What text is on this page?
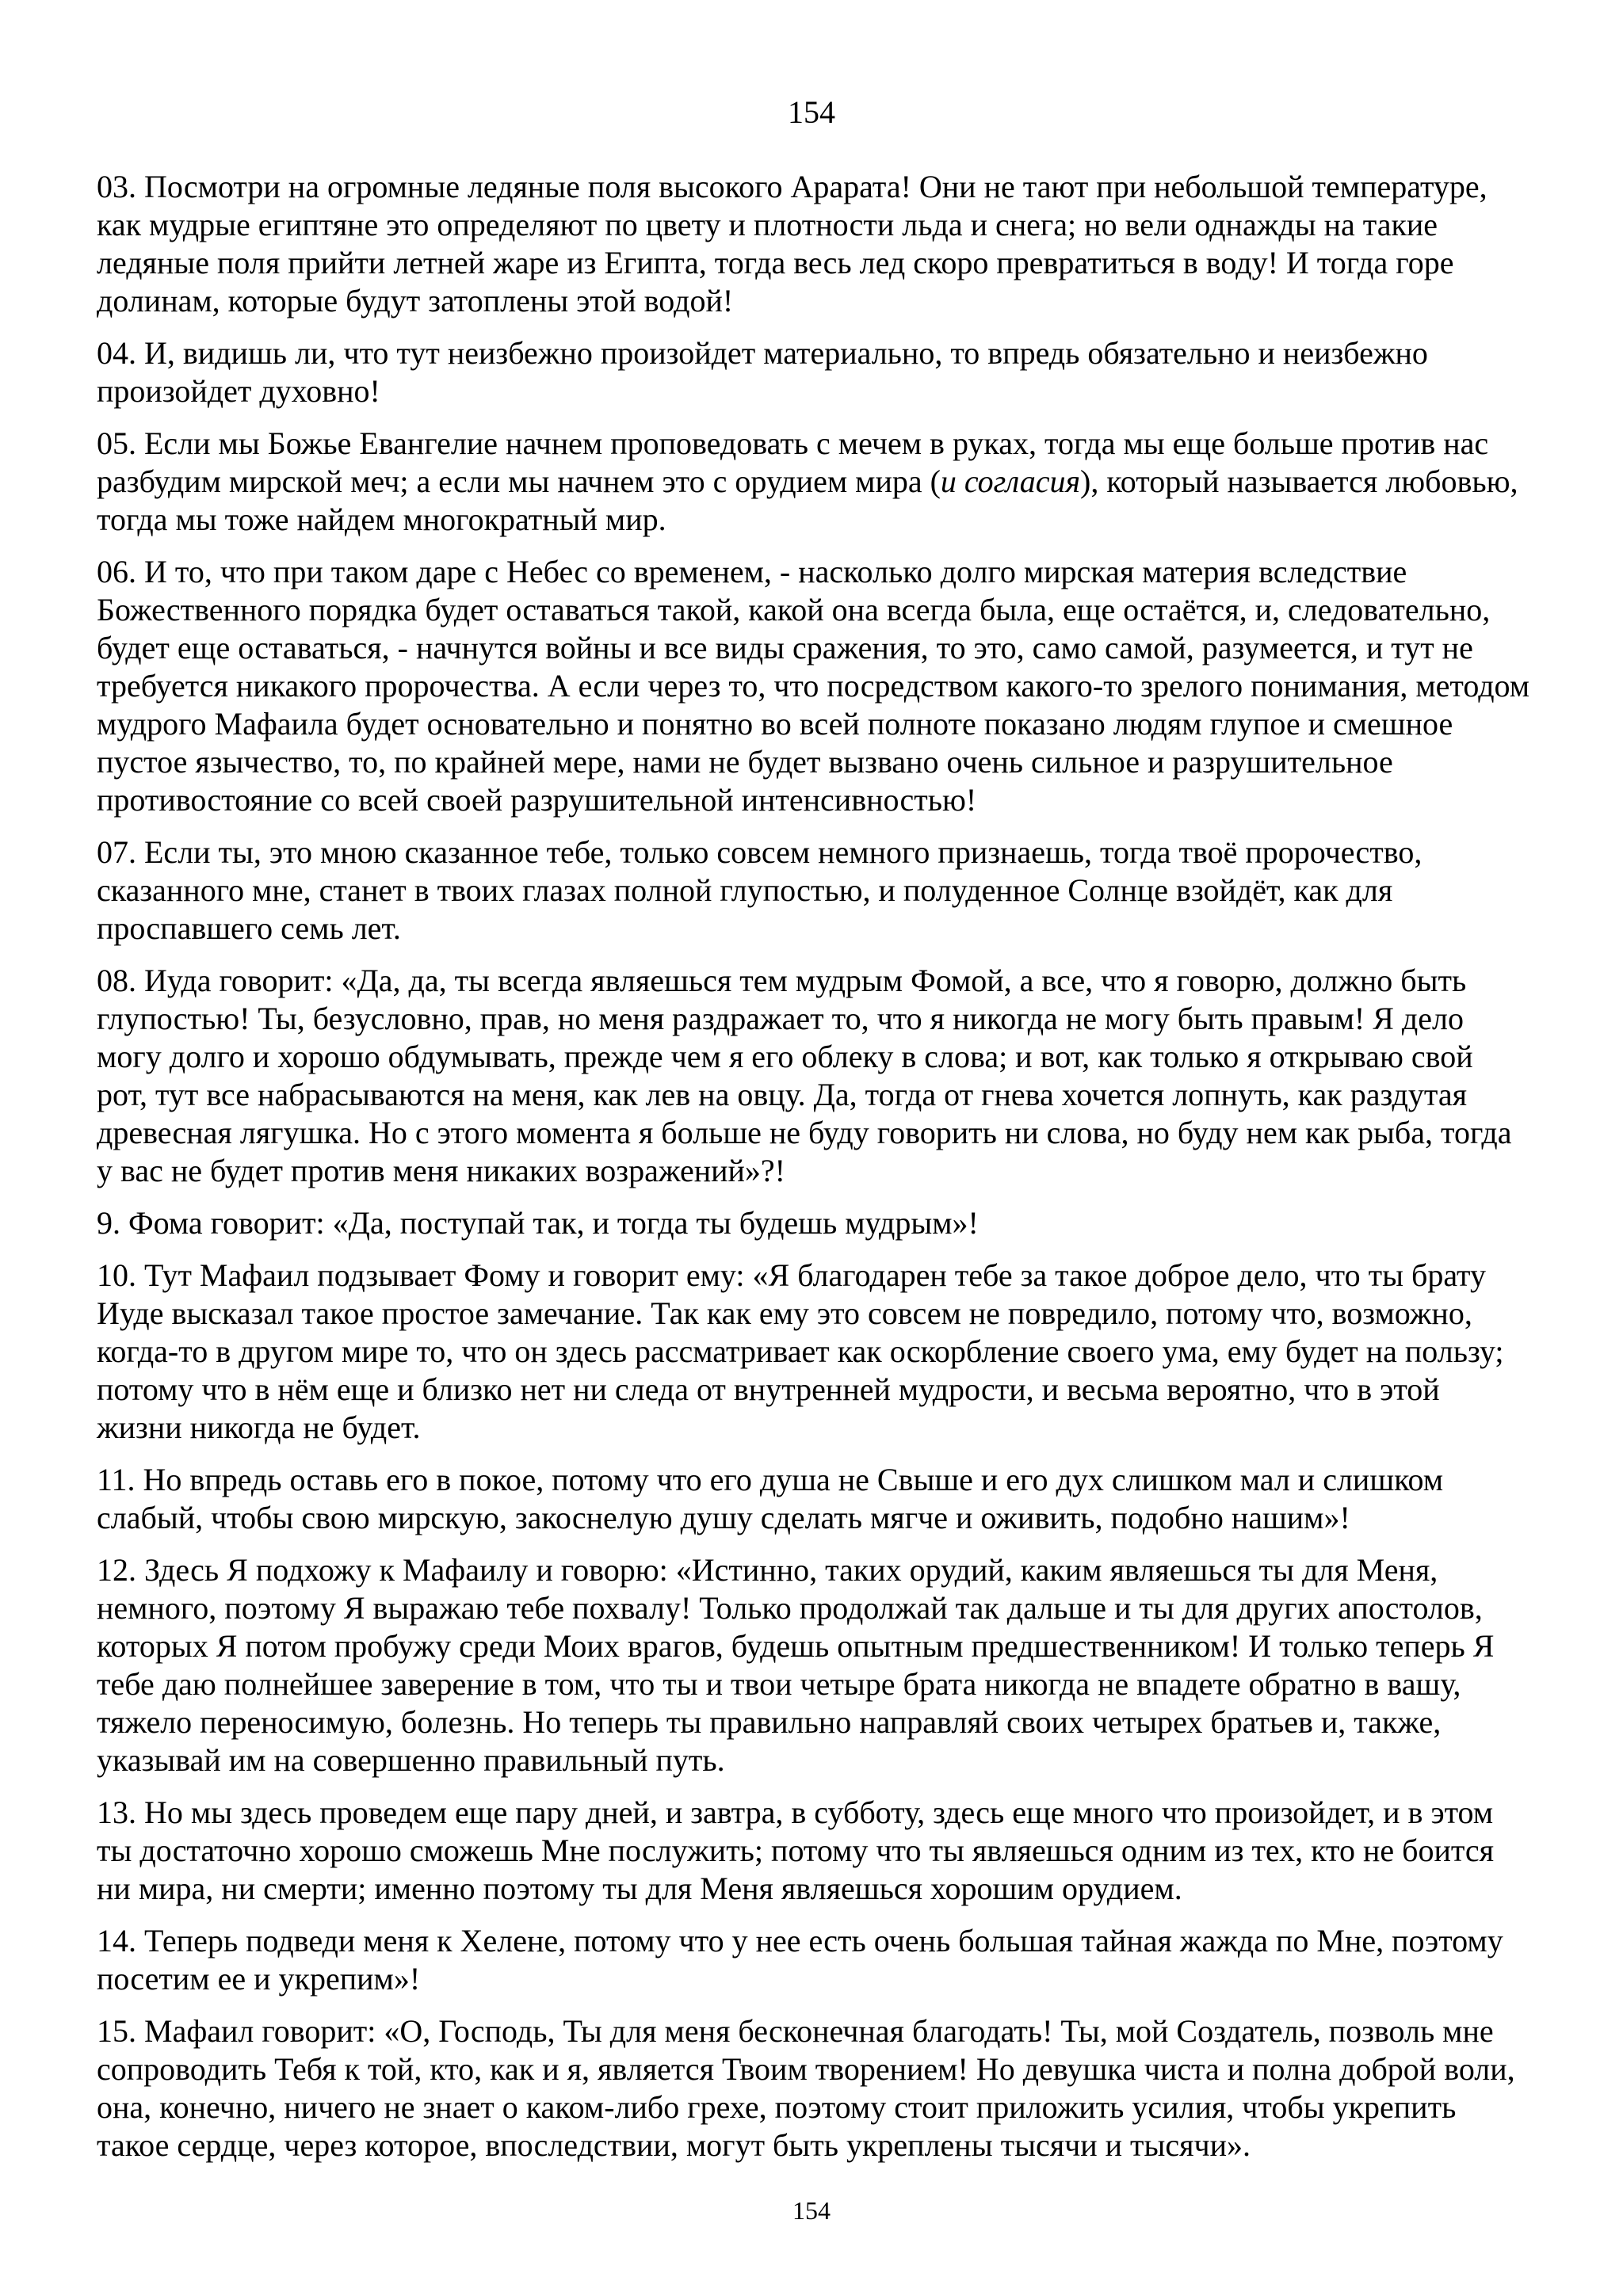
154

03. Посмотри на огромные ледяные поля высокого Арарата! Они не тают при небольшой температуре, как мудрые египтяне это определяют по цвету и плотности льда и снега; но вели однажды на такие ледяные поля прийти летней жаре из Египта, тогда весь лед скоро превратиться в воду! И тогда горе долинам, которые будут затоплены этой водой!

04. И, видишь ли, что тут неизбежно произойдет материально, то впредь обязательно и неизбежно произойдет духовно!

05. Если мы Божье Евангелие начнем проповедовать с мечем в руках, тогда мы еще больше против нас разбудим мирской меч; а если мы начнем это с орудием мира (и согласия), который называется любовью, тогда мы тоже найдем многократный мир.

06. И то, что при таком даре с Небес со временем, - насколько долго мирская материя вследствие Божественного порядка будет оставаться такой, какой она всегда была, еще остаётся, и, следовательно, будет еще оставаться, - начнутся войны и все виды сражения, то это, само самой, разумеется, и тут не требуется никакого пророчества. А если через то, что посредством какого-то зрелого понимания, методом мудрого Мафаила будет основательно и понятно во всей полноте показано людям глупое и смешное пустое язычество, то, по крайней мере, нами не будет вызвано очень сильное и разрушительное противостояние со всей своей разрушительной интенсивностью!

07. Если ты, это мною сказанное тебе, только совсем немного признаешь, тогда твоё пророчество, сказанного мне, станет в твоих глазах полной глупостью, и полуденное Солнце взойдёт, как для проспавшего семь лет.

08. Иуда говорит: «Да, да, ты всегда являешься тем мудрым Фомой, а все, что я говорю, должно быть глупостью! Ты, безусловно, прав, но меня раздражает то, что я никогда не могу быть правым! Я дело могу долго и хорошо обдумывать, прежде чем я его облеку в слова; и вот, как только я открываю свой рот, тут все набрасываются на меня, как лев на овцу. Да, тогда от гнева хочется лопнуть, как раздутая древесная лягушка. Но с этого момента я больше не буду говорить ни слова, но буду нем как рыба, тогда у вас не будет против меня никаких возражений»?!

9. Фома говорит: «Да, поступай так, и тогда ты будешь мудрым»!

10. Тут Мафаил подзывает Фому и говорит ему: «Я благодарен тебе за такое доброе дело, что ты брату Иуде высказал такое простое замечание. Так как ему это совсем не повредило, потому что, возможно, когда-то в другом мире то, что он здесь рассматривает как оскорбление своего ума, ему будет на пользу; потому что в нём еще и близко нет ни следа от внутренней мудрости, и весьма вероятно, что в этой жизни никогда не будет.

11. Но впредь оставь его в покое, потому что его душа не Свыше и его дух слишком мал и слишком слабый, чтобы свою мирскую, закоснелую душу сделать мягче и оживить, подобно нашим»!

12. Здесь Я подхожу к Мафаилу и говорю: «Истинно, таких орудий, каким являешься ты для Меня, немного, поэтому Я выражаю тебе похвалу! Только продолжай так дальше и ты для других апостолов, которых Я потом пробужу среди Моих врагов, будешь опытным предшественником! И только теперь Я тебе даю полнейшее заверение в том, что ты и твои четыре брата никогда не впадете обратно в вашу, тяжело переносимую, болезнь. Но теперь ты правильно направляй своих четырех братьев и, также, указывай им на совершенно правильный путь.

13. Но мы здесь проведем еще пару дней, и завтра, в субботу, здесь еще много что произойдет, и в этом ты достаточно хорошо сможешь Мне послужить; потому что ты являешься одним из тех, кто не боится ни мира, ни смерти; именно поэтому ты для Меня являешься хорошим орудием.

14. Теперь подведи меня к Хелене, потому что у нее есть очень большая тайная жажда по Мне, поэтому посетим ее и укрепим»!

15. Мафаил говорит: «О, Господь, Ты для меня бесконечная благодать! Ты, мой Создатель, позволь мне сопроводить Тебя к той, кто, как и я, является Твоим творением! Но девушка чиста и полна доброй воли, она, конечно, ничего не знает о каком-либо грехе, поэтому стоит приложить усилия, чтобы укрепить такое сердце, через которое, впоследствии, могут быть укреплены тысячи и тысячи».

154
